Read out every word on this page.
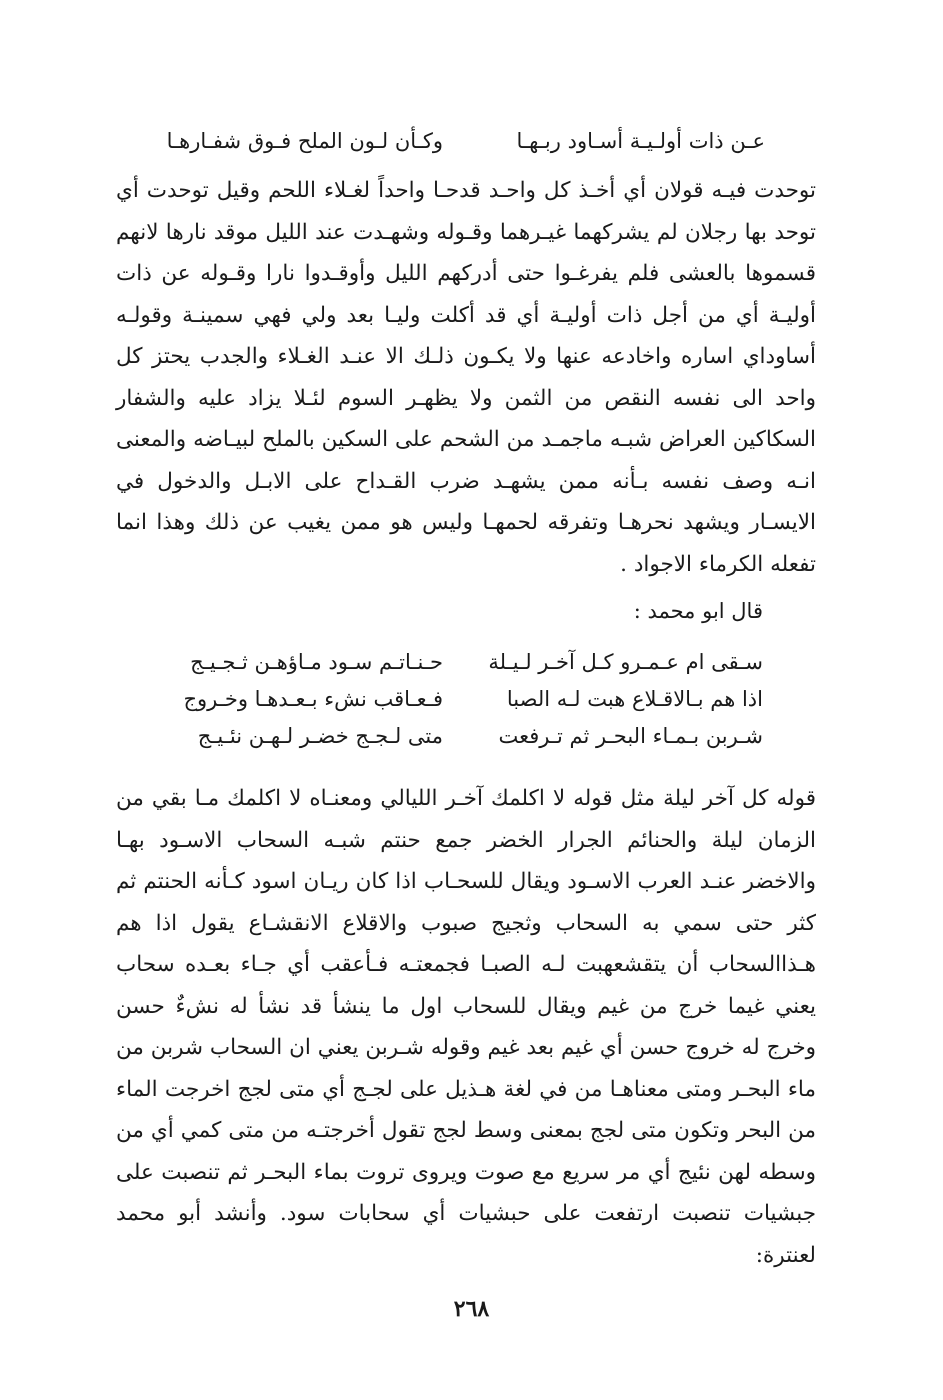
عـن ذات أولـيـة أسـاود ربـهـا
وكـأن لـون الملح فـوق شفـارهـا

توحدت فيـه قولان أي أخـذ كل واحـد قدحـا واحداً لغـلاء اللحم وقيل توحدت أي توحد بها رجلان لم يشركهما غيـرهما وقـوله وشهـدت عند الليل موقد نارها لانهم قسموها بالعشى فلم يفرغـوا حتى أدركهم الليل وأوقـدوا نارا وقـوله عن ذات أوليـة أي من أجل ذات أوليـة أي قد أكلت وليـا بعد ولي فهي سمينـة وقولـه أساوداي اساره واخادعه عنها ولا يكـون ذلـك الا عنـد الغـلاء والجدب يحتز كل واحد الى نفسه النقص من الثمن ولا يظهـر السوم لئـلا يزاد عليه والشفار السكاكين العراض شبـه ماجمـد من الشحم على السكين بالملح لبيـاضه والمعنى انـه وصف نفسه بـأنه ممن يشهـد ضرب القـداح على الابـل والدخول في الايسـار ويشهد نحرهـا وتفرقه لحمهـا وليس هو ممن يغيب عن ذلك وهذا انما تفعله الكرماء الاجواد .

قال ابو محمد :
سـقى ام عـمـرو كـل آخـر لـيـلة
حـنـاتـم سـود مـاؤهـن ثـجـيـج
اذا هم بـالاقـلاع هبت لـه الصبا
فـعـاقب نشء بـعـدهـا وخـروج
شـربن بـمـاء البحـر ثم تـرفعت
متى لـجـج خضـر لـهـن نئـيـج

قوله كل آخر ليلة مثل قوله لا اكلمك آخـر الليالي ومعنـاه لا اكلمك مـا بقي من الزمان ليلة والحنائم الجرار الخضر جمع حنتم شبـه السحاب الاسـود بهـا والاخضر عنـد العرب الاسـود ويقال للسحـاب اذا كان ريـان اسود كـأنه الحنتم ثم كثر حتى سمي به السحاب وثجيج صبوب والاقلاع الانقشـاع يقول اذا هم هـذاالسحاب أن يتقشعهبت لـه الصبـا فجمعتـه فـأعقب أي جـاء بعـده سحاب يعني غيما خرج من غيم ويقال للسحاب اول ما ينشأ قد نشأ له نشءٌ حسن وخرج له خروج حسن أي غيم بعد غيم وقوله شـربن يعني ان السحاب شربن من ماء البحـر ومتى معناهـا من في لغة هـذيل على لجـج أي متى لجج اخرجت الماء من البحر وتكون متى لجج بمعنى وسط لجج تقول أخرجتـه من متى كمي أي من وسطه لهن نئيج أي مر سريع مع صوت ويروى تروت بماء البحـر ثم تنصبت على جبشيات تنصبت ارتفعت على حبشيات أي سحابات سود. وأنشد أبو محمد لعنترة:

٢٦٨
